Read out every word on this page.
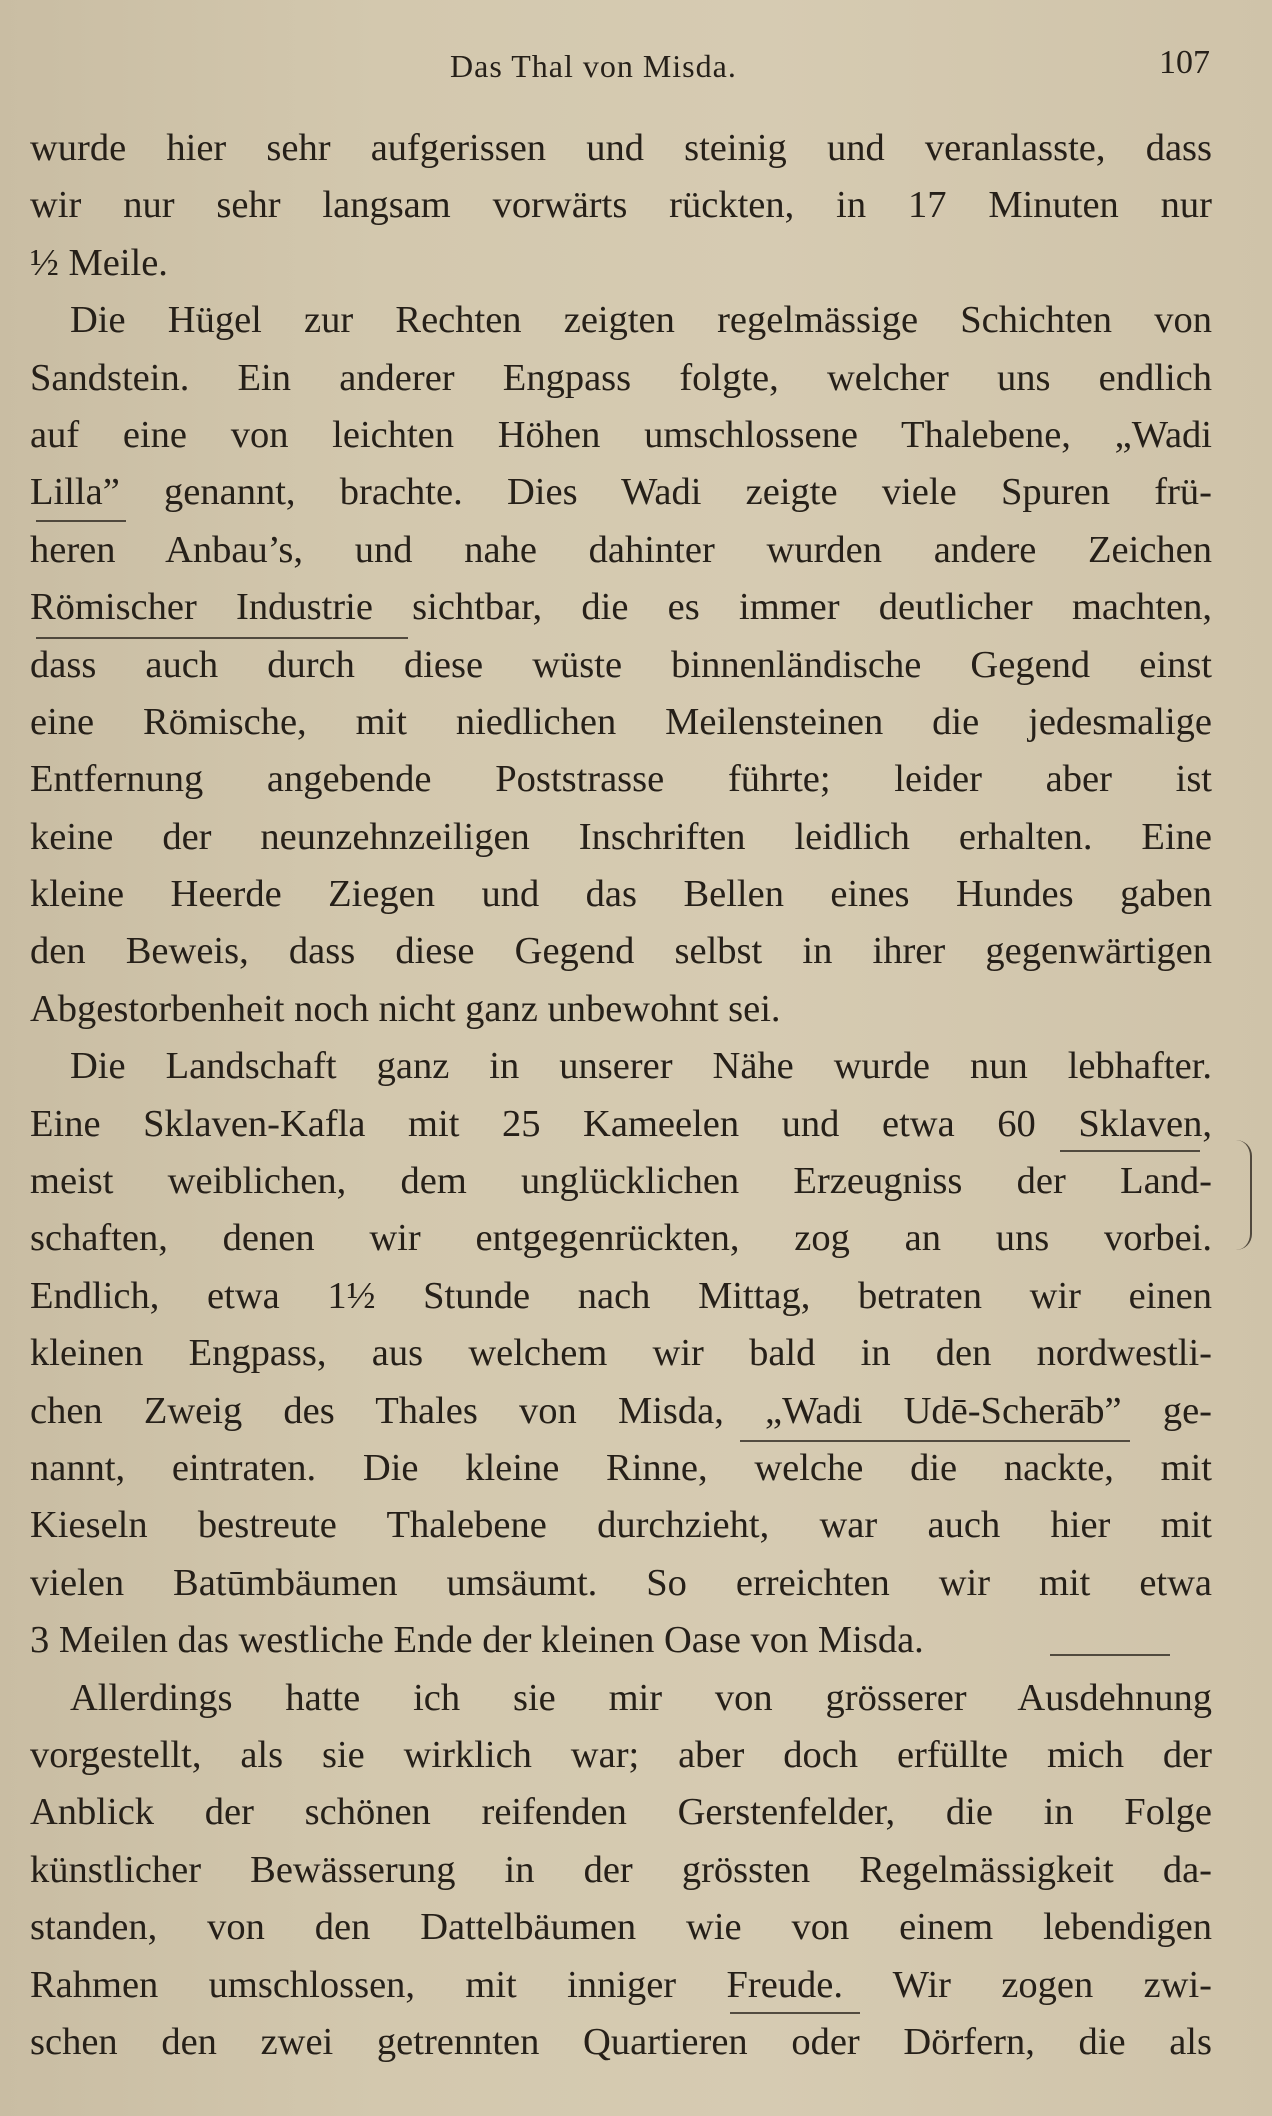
Das Thal von Misda.	107
wurde hier sehr aufgerissen und steinig und veranlasste, dass
wir nur sehr langsam vorwärts rückten, in 17 Minuten nur
½ Meile.
Die Hügel zur Rechten zeigten regelmässige Schichten von
Sandstein. Ein anderer Engpass folgte, welcher uns endlich
auf eine von leichten Höhen umschlossene Thalebene, „Wadi
Lilla” genannt, brachte. Dies Wadi zeigte viele Spuren frü-
heren Anbau’s, und nahe dahinter wurden andere Zeichen
Römischer Industrie sichtbar, die es immer deutlicher machten,
dass auch durch diese wüste binnenländische Gegend einst
eine Römische, mit niedlichen Meilensteinen die jedesmalige
Entfernung angebende Poststrasse führte; leider aber ist
keine der neunzehnzeiligen Inschriften leidlich erhalten. Eine
kleine Heerde Ziegen und das Bellen eines Hundes gaben
den Beweis, dass diese Gegend selbst in ihrer gegenwärtigen
Abgestorbenheit noch nicht ganz unbewohnt sei.
Die Landschaft ganz in unserer Nähe wurde nun lebhafter.
Eine Sklaven-Kafla mit 25 Kameelen und etwa 60 Sklaven,
meist weiblichen, dem unglücklichen Erzeugniss der Land-
schaften, denen wir entgegenrückten, zog an uns vorbei.
Endlich, etwa 1½ Stunde nach Mittag, betraten wir einen
kleinen Engpass, aus welchem wir bald in den nordwestli-
chen Zweig des Thales von Misda, „Wadi Udē-Scherāb” ge-
nannt, eintraten. Die kleine Rinne, welche die nackte, mit
Kieseln bestreute Thalebene durchzieht, war auch hier mit
vielen Batūmbäumen umsäumt. So erreichten wir mit etwa
3 Meilen das westliche Ende der kleinen Oase von Misda.
Allerdings hatte ich sie mir von grösserer Ausdehnung
vorgestellt, als sie wirklich war; aber doch erfüllte mich der
Anblick der schönen reifenden Gerstenfelder, die in Folge
künstlicher Bewässerung in der grössten Regelmässigkeit da-
standen, von den Dattelbäumen wie von einem lebendigen
Rahmen umschlossen, mit inniger Freude. Wir zogen zwi-
schen den zwei getrennten Quartieren oder Dörfern, die als
